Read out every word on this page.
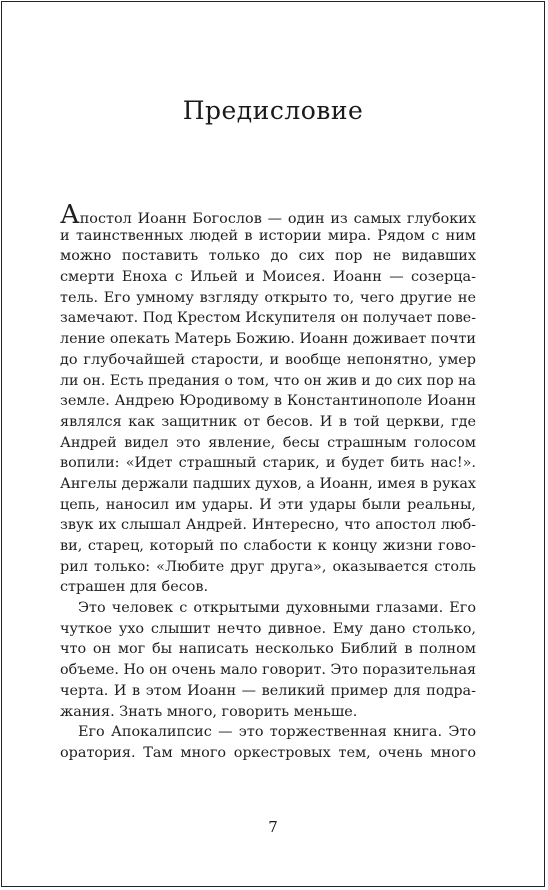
Предисловие
Апостол Иоанн Богослов — один из самых глубоких
и таинственных людей в истории мира. Рядом с ним
можно поставить только до сих пор не видавших
смерти Еноха с Ильей и Моисея. Иоанн — созерца-
тель. Его умному взгляду открыто то, чего другие не
замечают. Под Крестом Искупителя он получает пове-
ление опекать Матерь Божию. Иоанн доживает почти
до глубочайшей старости, и вообще непонятно, умер
ли он. Есть предания о том, что он жив и до сих пор на
земле. Андрею Юродивому в Константинополе Иоанн
являлся как защитник от бесов. И в той церкви, где
Андрей видел это явление, бесы страшным голосом
вопили: «Идет страшный старик, и будет бить нас!».
Ангелы держали падших духов, а Иоанн, имея в руках
цепь, наносил им удары. И эти удары были реальны,
звук их слышал Андрей. Интересно, что апостол люб-
ви, старец, который по слабости к концу жизни гово-
рил только: «Любите друг друга», оказывается столь
страшен для бесов.
Это человек с открытыми духовными глазами. Его
чуткое ухо слышит нечто дивное. Ему дано столько,
что он мог бы написать несколько Библий в полном
объеме. Но он очень мало говорит. Это поразительная
черта. И в этом Иоанн — великий пример для подра-
жания. Знать много, говорить меньше.
Его Апокалипсис — это торжественная книга. Это
оратория. Там много оркестровых тем, очень много
7
